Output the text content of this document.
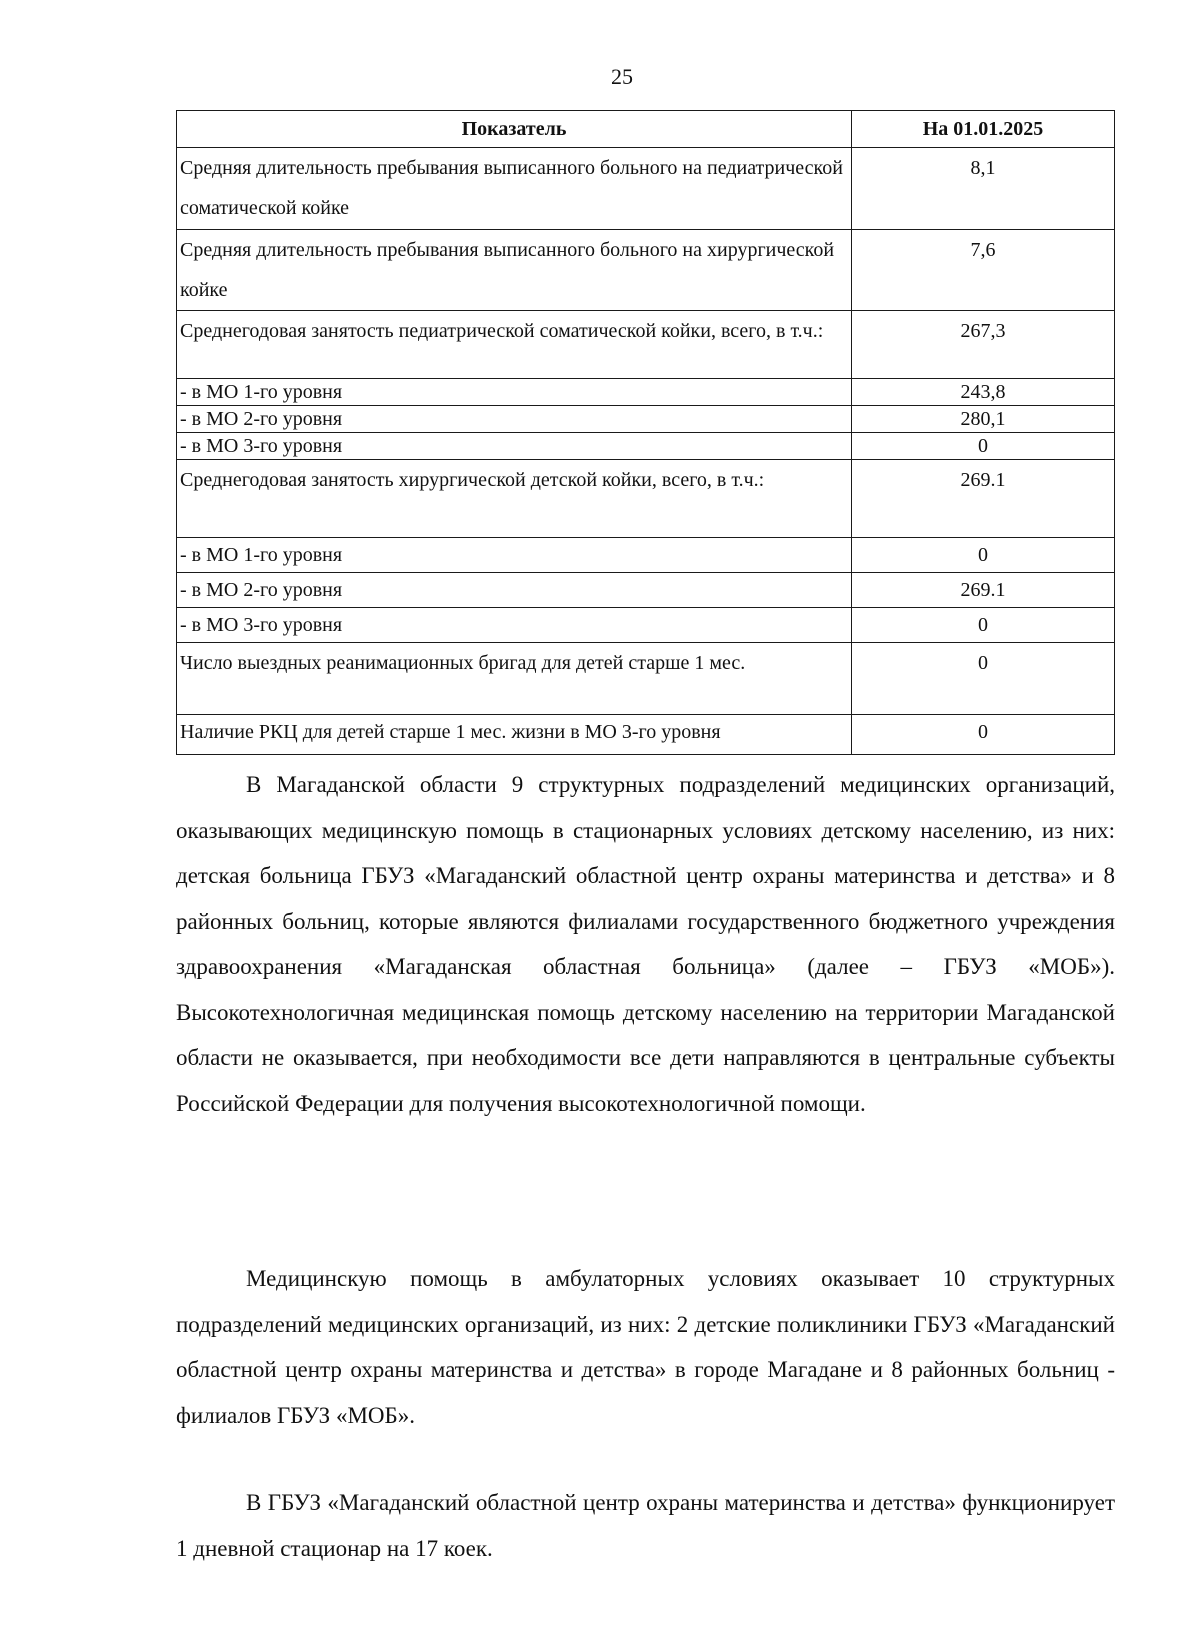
25
Показатель	На 01.01.2025
Средняя длительность пребывания выписанного больного на педиатрической соматической койке	8,1
Средняя длительность пребывания выписанного больного на хирургической койке	7,6
Среднегодовая занятость педиатрической соматической койки, всего, в т.ч.:	267,3
- в МО 1-го уровня	243,8
- в МО 2-го уровня	280,1
- в МО 3-го уровня	0
Среднегодовая занятость хирургической детской койки, всего, в т.ч.:	269.1
- в МО 1-го уровня	0
- в МО 2-го уровня	269.1
- в МО 3-го уровня	0
Число выездных реанимационных бригад для детей старше 1 мес.	0
Наличие РКЦ для детей старше 1 мес. жизни в МО 3-го уровня	0

В Магаданской области 9 структурных подразделений медицинских организаций, оказывающих медицинскую помощь в стационарных условиях детскому населению, из них: детская больница ГБУЗ «Магаданский областной центр охраны материнства и детства» и 8 районных больниц, которые являются филиалами государственного бюджетного учреждения здравоохранения «Магаданская областная больница» (далее – ГБУЗ «МОБ»). Высокотехнологичная медицинская помощь детскому населению на территории Магаданской области не оказывается, при необходимости все дети направляются в центральные субъекты Российской Федерации для получения высокотехнологичной помощи.

Медицинскую помощь в амбулаторных условиях оказывает 10 структурных подразделений медицинских организаций, из них: 2 детские поликлиники ГБУЗ «Магаданский областной центр охраны материнства и детства» в городе Магадане и 8 районных больниц - филиалов ГБУЗ «МОБ».

В ГБУЗ «Магаданский областной центр охраны материнства и детства» функционирует 1 дневной стационар на 17 коек.
